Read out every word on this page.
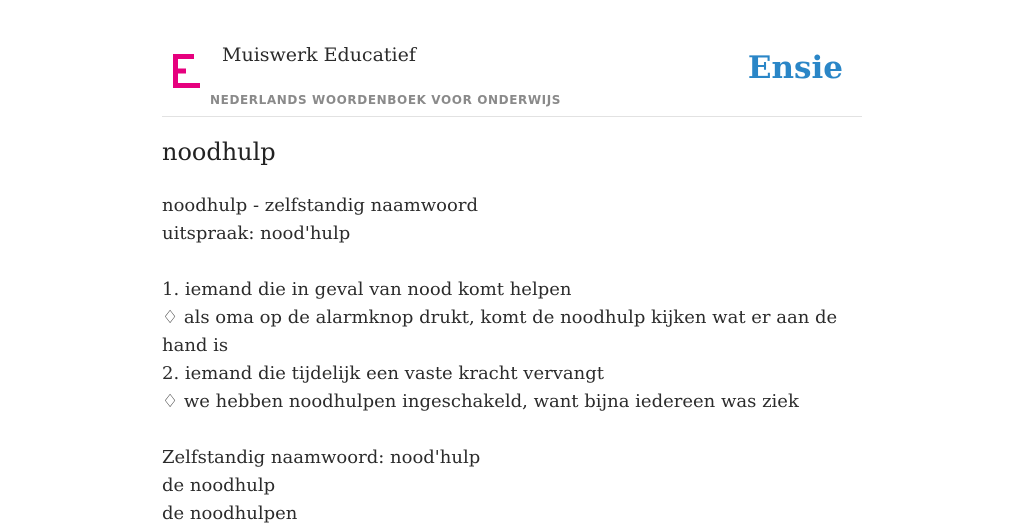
Muiswerk Educatief
NEDERLANDS WOORDENBOEK VOOR ONDERWIJS
Ensie
noodhulp
noodhulp - zelfstandig naamwoord
uitspraak: nood'hulp
1. iemand die in geval van nood komt helpen
♢ als oma op de alarmknop drukt, komt de noodhulp kijken wat er aan de hand is
2. iemand die tijdelijk een vaste kracht vervangt
♢ we hebben noodhulpen ingeschakeld, want bijna iedereen was ziek
Zelfstandig naamwoord: nood'hulp
de noodhulp
de noodhulpen
